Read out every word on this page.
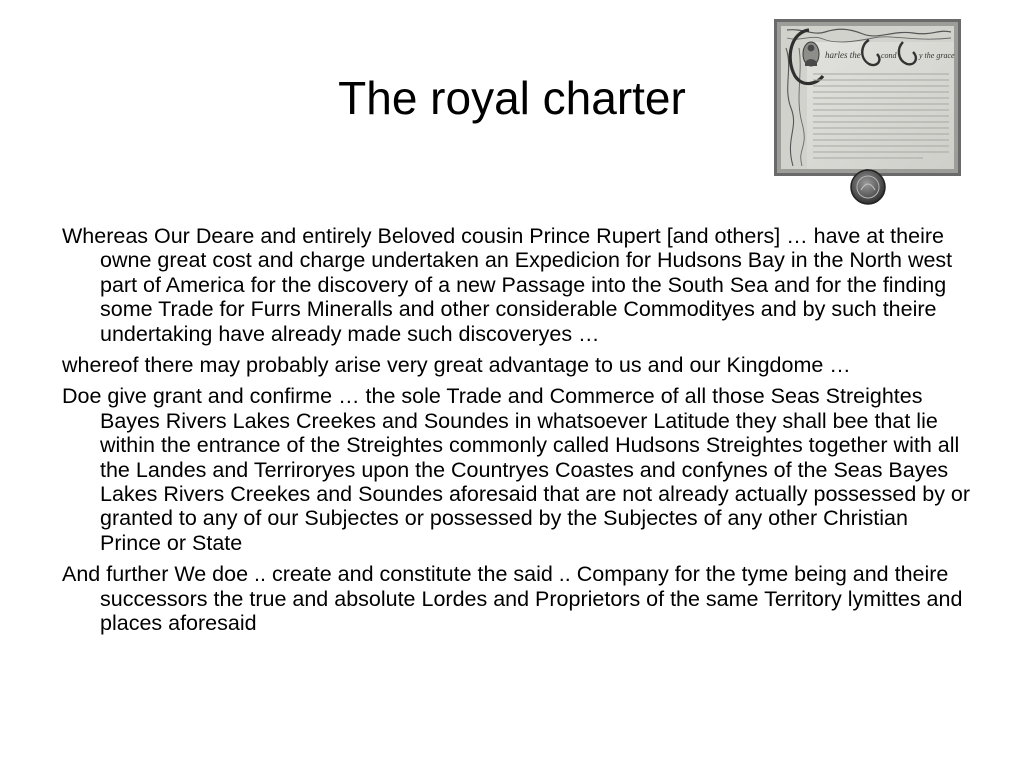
The royal charter
harles the	cond	y the grace
Whereas Our Deare and entirely Beloved cousin Prince Rupert [and others] … have at theire owne great cost and charge undertaken an Expedicion for Hudsons Bay in the North west part of America for the discovery of a new Passage into the South Sea and for the finding some Trade for Furrs Mineralls and other considerable Commodityes and by such theire undertaking have already made such discoveryes …
whereof there may probably arise very great advantage to us and our Kingdome …
Doe give grant and confirme … the sole Trade and Commerce of all those Seas Streightes Bayes Rivers Lakes Creekes and Soundes in whatsoever Latitude they shall bee that lie within the entrance of the Streightes commonly called Hudsons Streightes together with all the Landes and Terriroryes upon the Countryes Coastes and confynes of the Seas Bayes Lakes Rivers Creekes and Soundes aforesaid that are not already actually possessed by or granted to any of our Subjectes or possessed by the Subjectes of any other Christian Prince or State
And further We doe .. create and constitute the said .. Company for the tyme being and theire successors the true and absolute Lordes and Proprietors of the same Territory lymittes and places aforesaid
